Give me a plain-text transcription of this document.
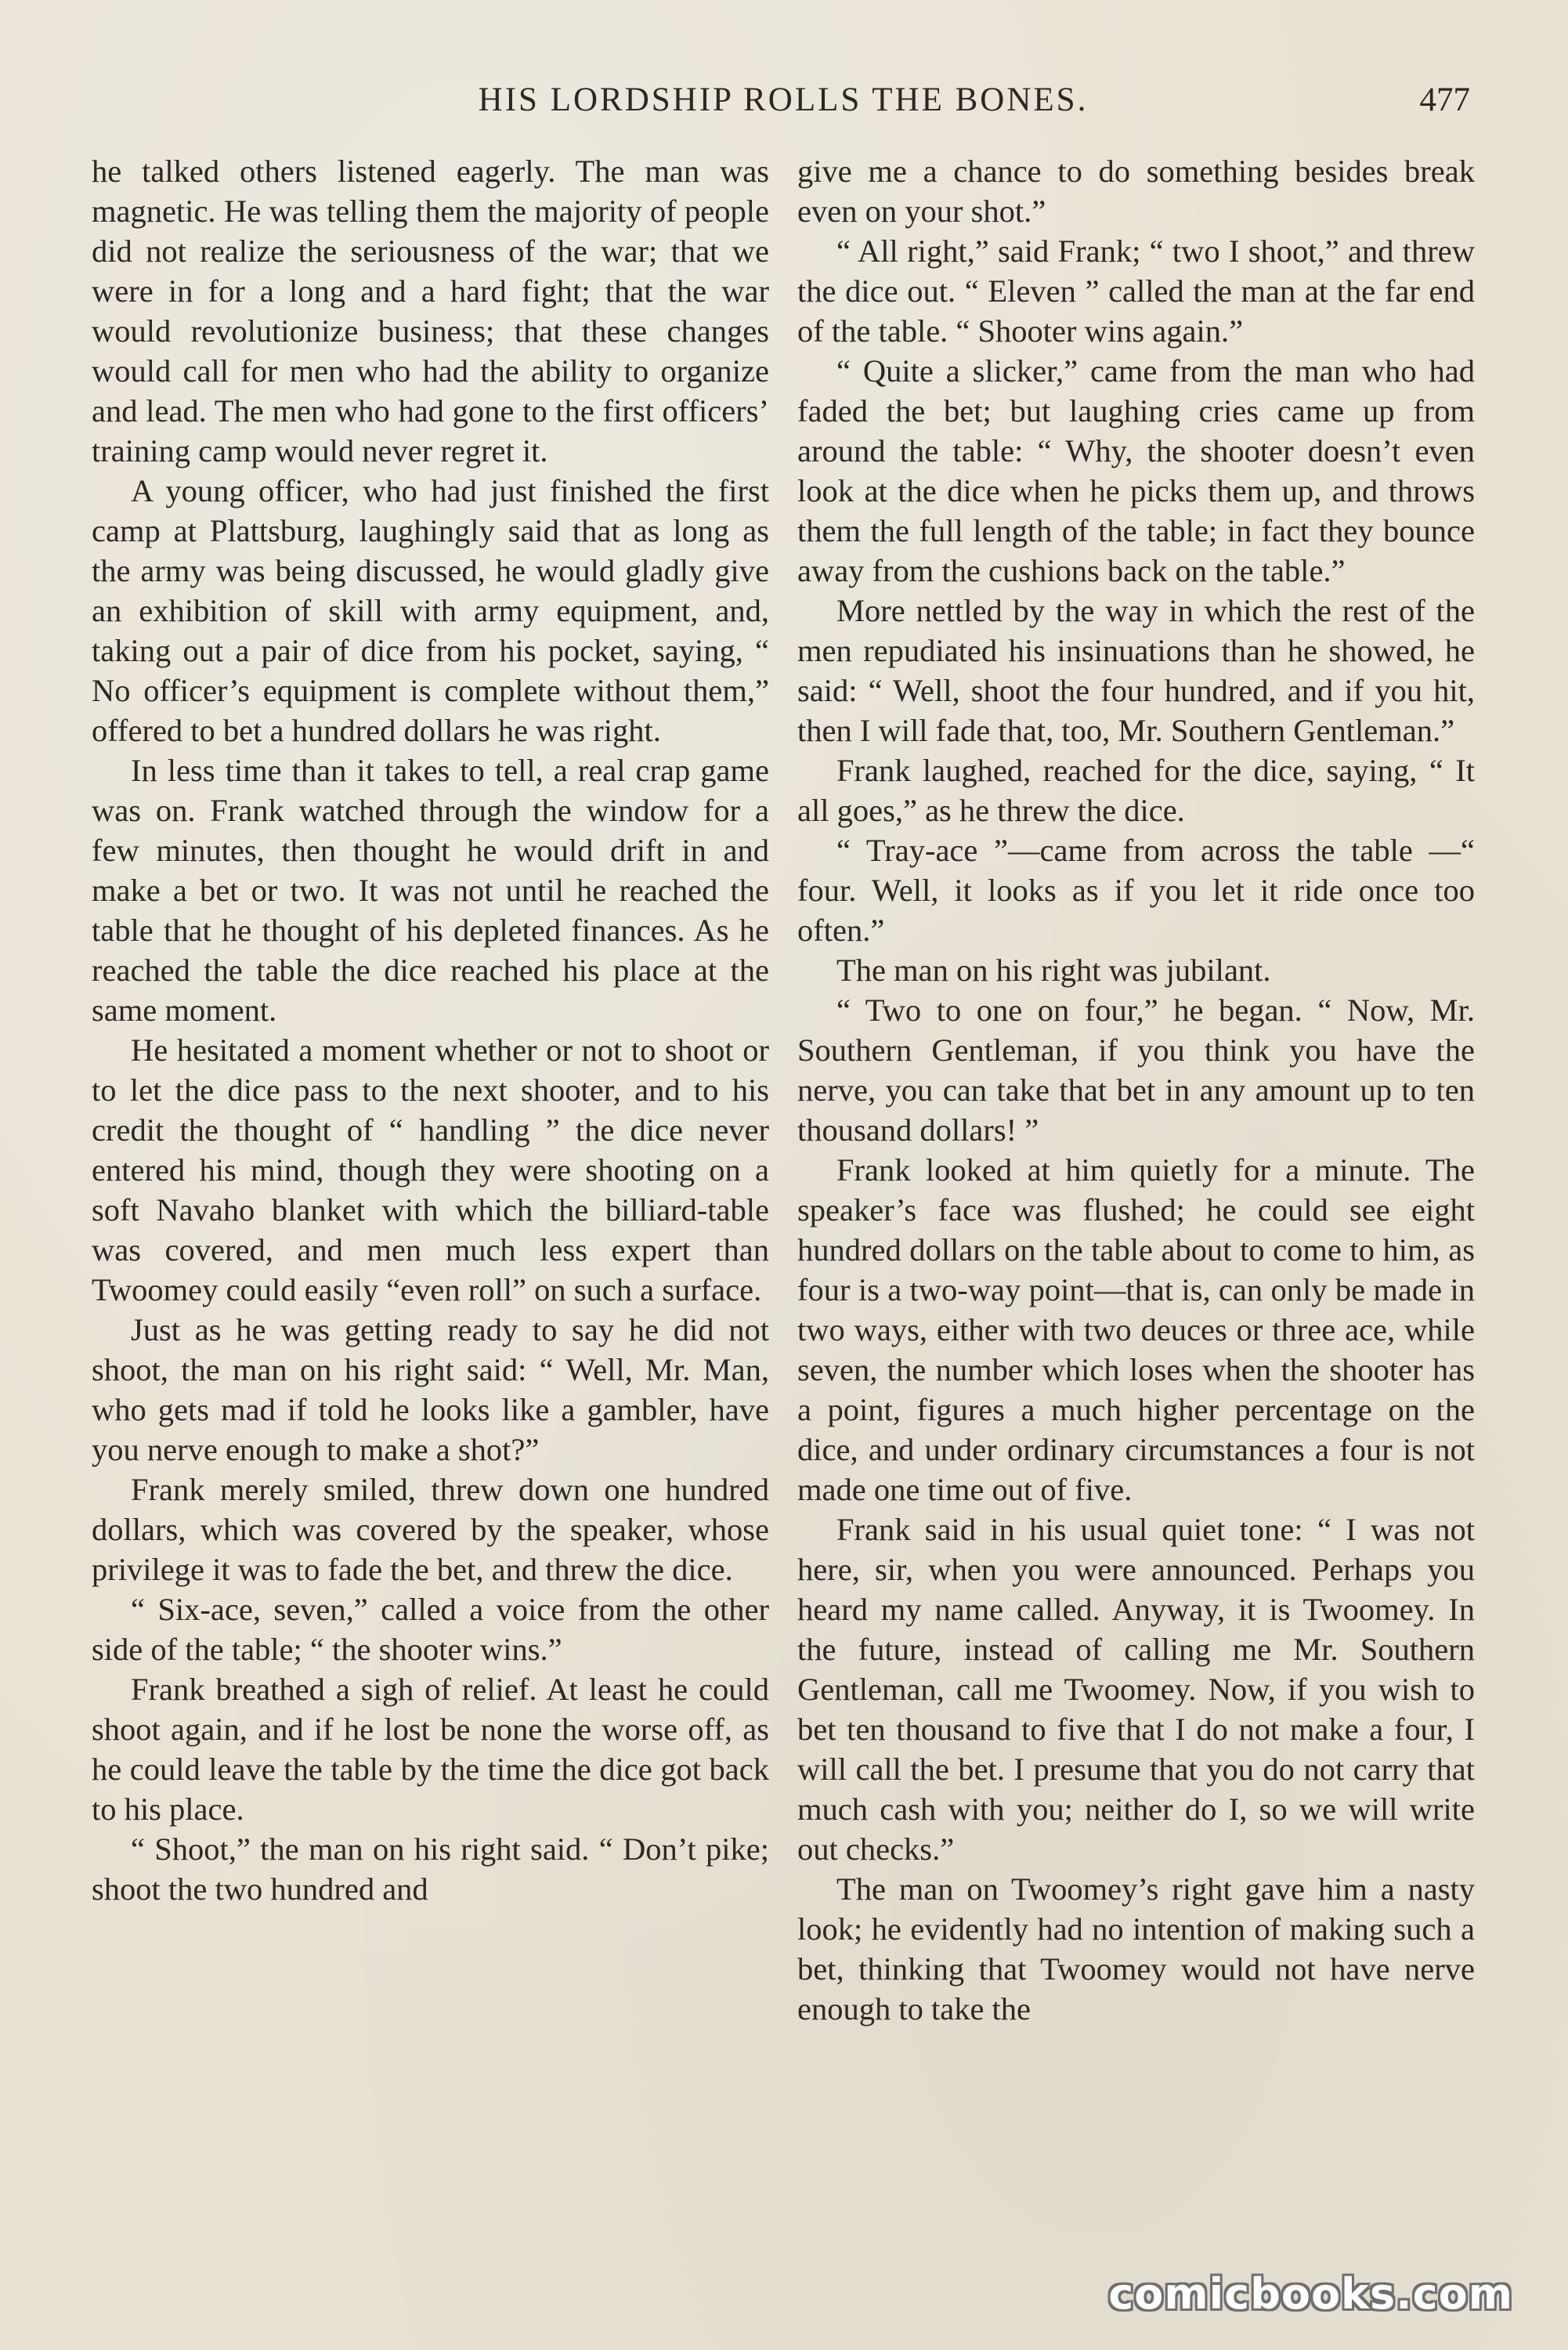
HIS LORDSHIP ROLLS THE BONES.	477

he talked others listened eagerly. The man was magnetic. He was telling them the majority of people did not realize the seriousness of the war; that we were in for a long and a hard fight; that the war would revolutionize business; that these changes would call for men who had the ability to organize and lead. The men who had gone to the first officers’ training camp would never regret it.

A young officer, who had just finished the first camp at Plattsburg, laughingly said that as long as the army was being discussed, he would gladly give an exhibition of skill with army equipment, and, taking out a pair of dice from his pocket, saying, “ No officer’s equipment is complete without them,” offered to bet a hundred dollars he was right.

In less time than it takes to tell, a real crap game was on. Frank watched through the window for a few minutes, then thought he would drift in and make a bet or two. It was not until he reached the table that he thought of his depleted finances. As he reached the table the dice reached his place at the same moment.

He hesitated a moment whether or not to shoot or to let the dice pass to the next shooter, and to his credit the thought of “ handling ” the dice never entered his mind, though they were shooting on a soft Navaho blanket with which the billiard-table was covered, and men much less expert than Twoomey could easily “even roll” on such a surface.

Just as he was getting ready to say he did not shoot, the man on his right said: “ Well, Mr. Man, who gets mad if told he looks like a gambler, have you nerve enough to make a shot?”

Frank merely smiled, threw down one hundred dollars, which was covered by the speaker, whose privilege it was to fade the bet, and threw the dice.

“ Six-ace, seven,” called a voice from the other side of the table; “ the shooter wins.”

Frank breathed a sigh of relief. At least he could shoot again, and if he lost be none the worse off, as he could leave the table by the time the dice got back to his place.

“ Shoot,” the man on his right said. “ Don’t pike; shoot the two hundred and

give me a chance to do something besides break even on your shot.”

“ All right,” said Frank; “ two I shoot,” and threw the dice out. “ Eleven ” called the man at the far end of the table. “ Shooter wins again.”

“ Quite a slicker,” came from the man who had faded the bet; but laughing cries came up from around the table: “ Why, the shooter doesn’t even look at the dice when he picks them up, and throws them the full length of the table; in fact they bounce away from the cushions back on the table.”

More nettled by the way in which the rest of the men repudiated his insinuations than he showed, he said: “ Well, shoot the four hundred, and if you hit, then I will fade that, too, Mr. Southern Gentleman.”

Frank laughed, reached for the dice, saying, “ It all goes,” as he threw the dice.

“ Tray-ace ”—came from across the table —“ four. Well, it looks as if you let it ride once too often.”

The man on his right was jubilant.

“ Two to one on four,” he began. “ Now, Mr. Southern Gentleman, if you think you have the nerve, you can take that bet in any amount up to ten thousand dollars! ”

Frank looked at him quietly for a minute. The speaker’s face was flushed; he could see eight hundred dollars on the table about to come to him, as four is a two-way point—that is, can only be made in two ways, either with two deuces or three ace, while seven, the number which loses when the shooter has a point, figures a much higher percentage on the dice, and under ordinary circumstances a four is not made one time out of five.

Frank said in his usual quiet tone: “ I was not here, sir, when you were announced. Perhaps you heard my name called. Anyway, it is Twoomey. In the future, instead of calling me Mr. Southern Gentleman, call me Twoomey. Now, if you wish to bet ten thousand to five that I do not make a four, I will call the bet. I presume that you do not carry that much cash with you; neither do I, so we will write out checks.”

The man on Twoomey’s right gave him a nasty look; he evidently had no intention of making such a bet, thinking that Twoomey would not have nerve enough to take the

comicbooks.com
